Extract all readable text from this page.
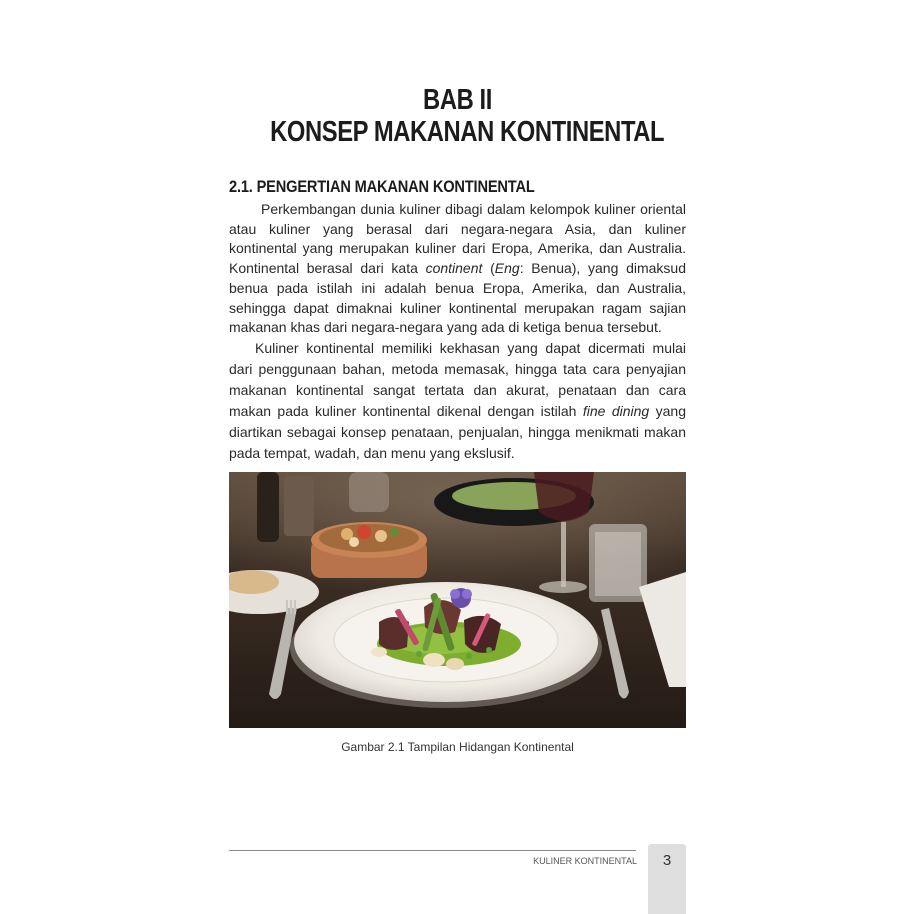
BAB II
KONSEP MAKANAN KONTINENTAL
2.1. PENGERTIAN MAKANAN KONTINENTAL

Perkembangan dunia kuliner dibagi dalam kelompok kuliner oriental atau kuliner yang berasal dari negara-negara Asia, dan kuliner kontinental yang merupakan kuliner dari Eropa, Amerika, dan Australia. Kontinental berasal dari kata continent (Eng: Benua), yang dimaksud benua pada istilah ini adalah benua Eropa, Amerika, dan Australia, sehingga dapat dimaknai kuliner kontinental merupakan ragam sajian makanan khas dari negara-negara yang ada di ketiga benua tersebut.

Kuliner kontinental memiliki kekhasan yang dapat dicermati mulai dari penggunaan bahan, metoda memasak, hingga tata cara penyajian makanan kontinental sangat tertata dan akurat, penataan dan cara makan pada kuliner kontinental dikenal dengan istilah fine dining yang diartikan sebagai konsep penataan, penjualan, hingga menikmati makan pada tempat, wadah, dan menu yang ekslusif.

Gambar 2.1 Tampilan Hidangan Kontinental
KULINER KONTINENTAL	3
